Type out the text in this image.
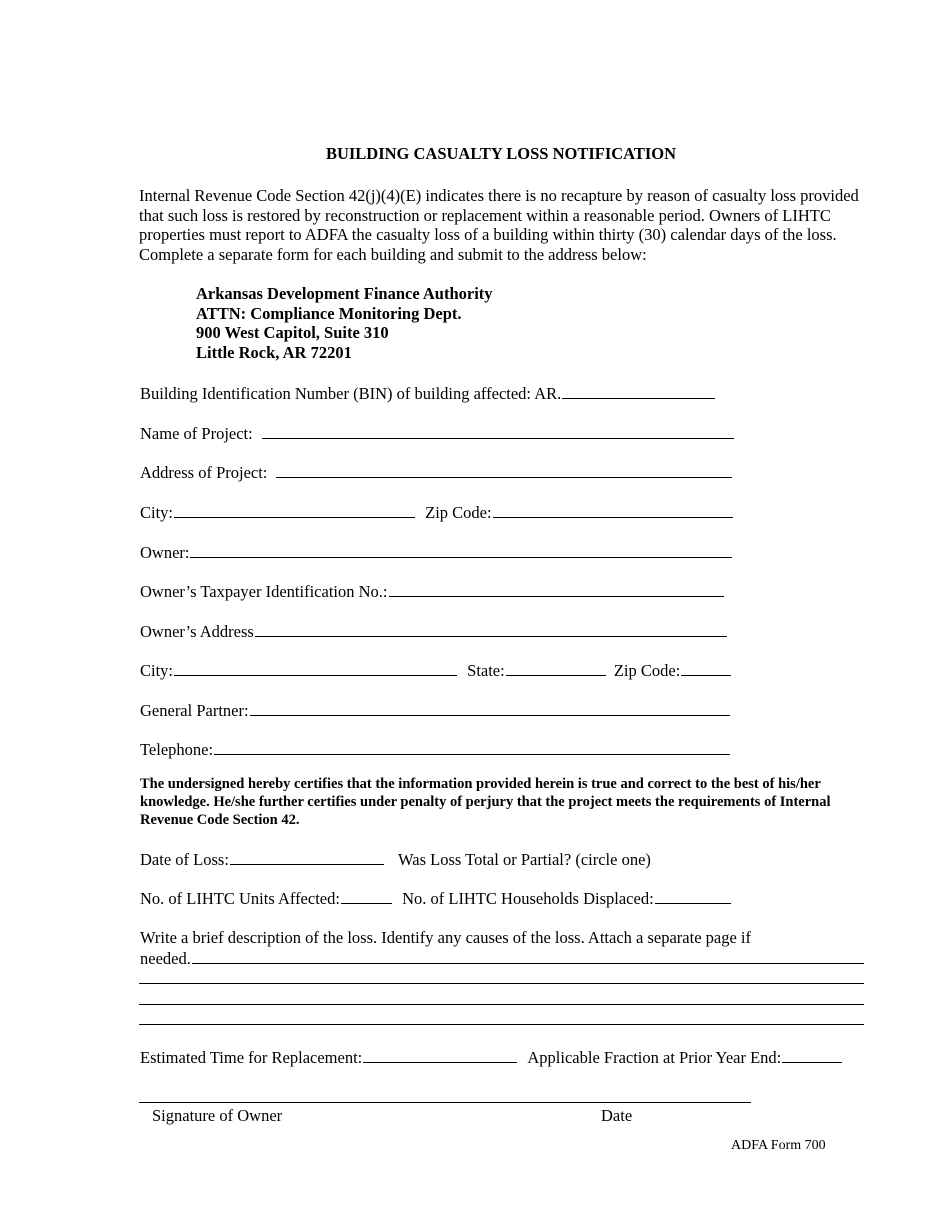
BUILDING CASUALTY LOSS NOTIFICATION
Internal Revenue Code Section 42(j)(4)(E) indicates there is no recapture by reason of casualty loss provided that such loss is restored by reconstruction or replacement within a reasonable period. Owners of LIHTC properties must report to ADFA the casualty loss of a building within thirty (30) calendar days of the loss. Complete a separate form for each building and submit to the address below:
Arkansas Development Finance Authority
ATTN: Compliance Monitoring Dept.
900 West Capitol, Suite 310
Little Rock, AR 72201
Building Identification Number (BIN) of building affected: AR.
Name of Project:
Address of Project:
City:	Zip Code:
Owner:
Owner’s Taxpayer Identification No.:
Owner’s Address
City:	State:	Zip Code:
General Partner:
Telephone:
The undersigned hereby certifies that the information provided herein is true and correct to the best of his/her knowledge. He/she further certifies under penalty of perjury that the project meets the requirements of Internal Revenue Code Section 42.
Date of Loss:	Was Loss Total or Partial? (circle one)
No. of LIHTC Units Affected:	No. of LIHTC Households Displaced:
Write a brief description of the loss. Identify any causes of the loss. Attach a separate page if
needed.
Estimated Time for Replacement:	Applicable Fraction at Prior Year End:
Signature of Owner	Date
ADFA Form 700
